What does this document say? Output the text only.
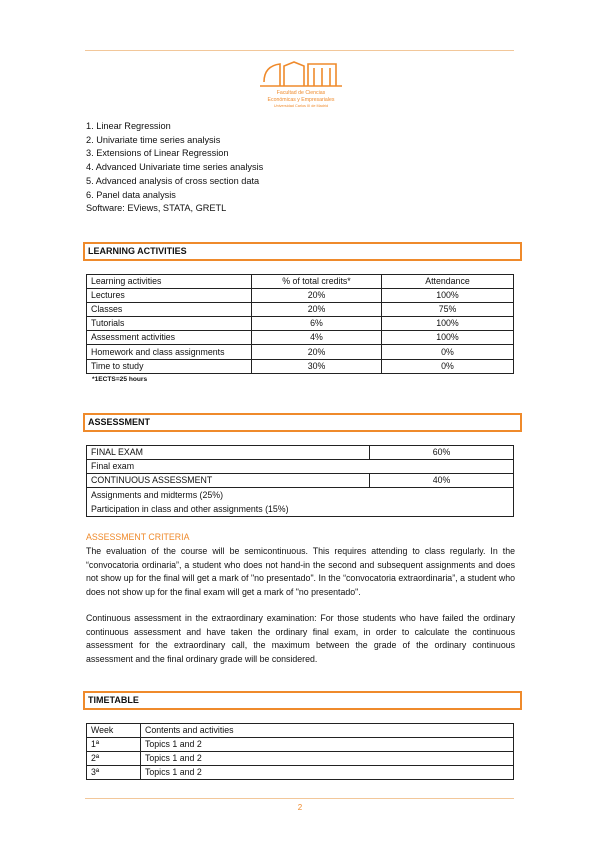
Facultad de Ciencias
Económicas y Empresariales
Universidad Carlos III de Madrid
1. Linear Regression
2. Univariate time series analysis
3. Extensions of Linear Regression
4. Advanced Univariate time series analysis
5. Advanced analysis of cross section data
6. Panel data analysis
Software: EViews, STATA, GRETL
LEARNING ACTIVITIES
Learning activities	% of total credits*	Attendance
Lectures	20%	100%
Classes	20%	75%
Tutorials	6%	100%
Assessment activities	4%	100%
Homework and class assignments	20%	0%
Time to study	30%	0%
*1ECTS=25 hours
ASSESSMENT
FINAL EXAM	60%
Final exam	
CONTINUOUS ASSESSMENT	40%

Assignments and midterms (25%)
Participation in class and other assignments (15%)	
ASSESSMENT CRITERIA
The evaluation of the course will be semicontinuous. This requires attending to class regularly. In the “convocatoria ordinaria”, a student who does not hand-in the second and subsequent assignments and does not show up for the final will get a mark of "no presentado". In the “convocatoria extraordinaria”, a student who does not show up for the final exam will get a mark of "no presentado".
Continuous assessment in the extraordinary examination: For those students who have failed the ordinary continuous assessment and have taken the ordinary final exam, in order to calculate the continuous assessment for the extraordinary call, the maximum between the grade of the ordinary continuous assessment and the final ordinary grade will be considered.
TIMETABLE
Week	Contents and activities
1ª	Topics 1 and 2
2ª	Topics 1 and 2
3ª	Topics 1 and 2
2
